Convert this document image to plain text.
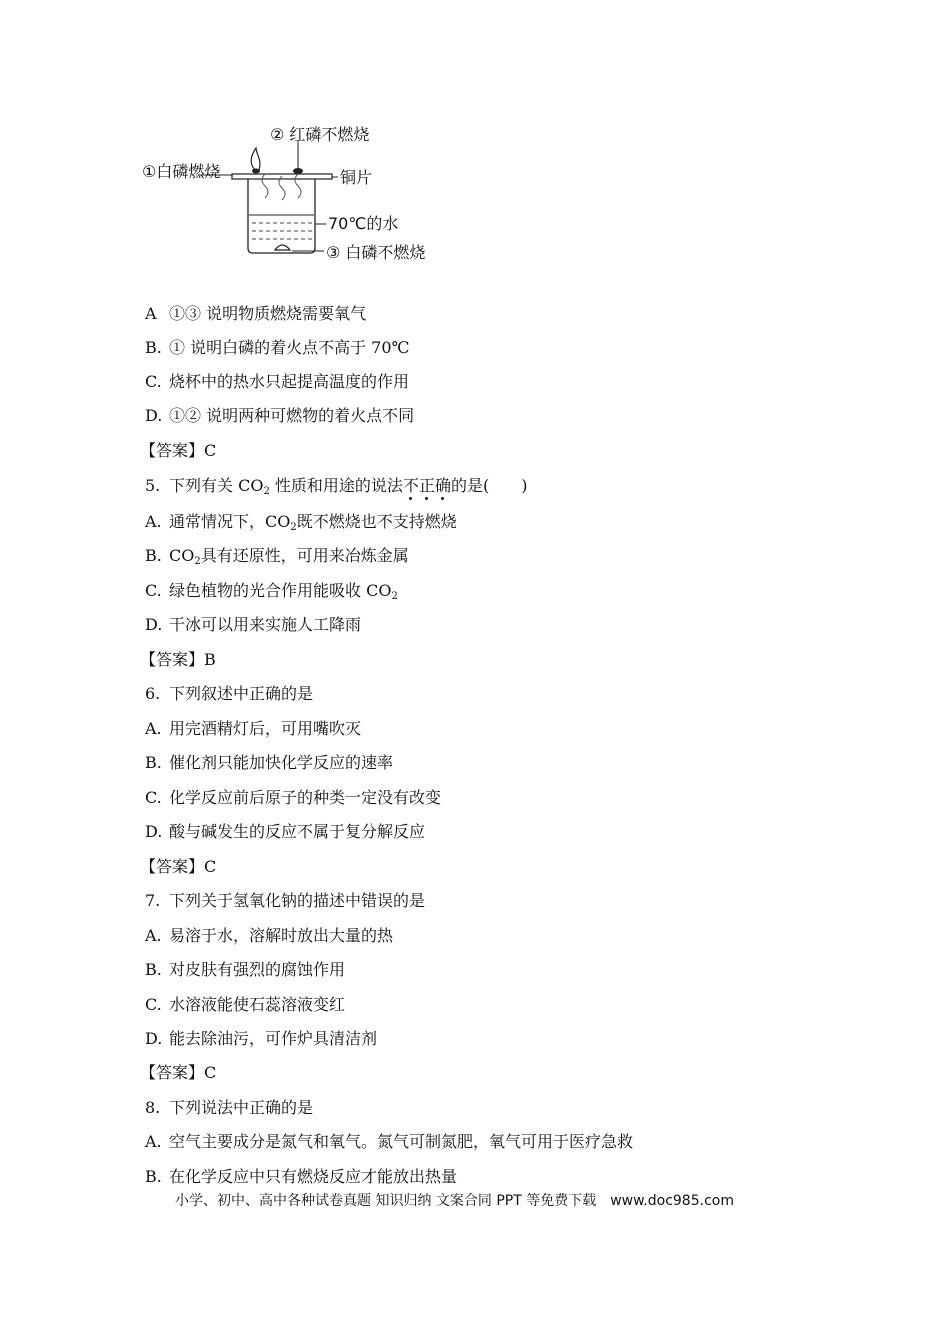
② 红磷不燃烧
①白磷燃烧	铜片
70℃的水
③ 白磷不燃烧
A ①③ 说明物质燃烧需要氧气
B. ① 说明白磷的着火点不高于 70℃
C. 烧杯中的热水只起提高温度的作用
D. ①② 说明两种可燃物的着火点不同
【答案】C
5. 下列有关 $CO_2$ 性质和用途的说法不正确的是(　　)
A. 通常情况下，$CO_2$既不燃烧也不支持燃烧
B. $CO_2$具有还原性，可用来冶炼金属
C. 绿色植物的光合作用能吸收 $CO_2$
D. 干冰可以用来实施人工降雨
【答案】B
6. 下列叙述中正确的是
A. 用完酒精灯后，可用嘴吹灭
B. 催化剂只能加快化学反应的速率
C. 化学反应前后原子的种类一定没有改变
D. 酸与碱发生的反应不属于复分解反应
【答案】C
7. 下列关于氢氧化钠的描述中错误的是
A. 易溶于水，溶解时放出大量的热
B. 对皮肤有强烈的腐蚀作用
C. 水溶液能使石蕊溶液变红
D. 能去除油污，可作炉具清洁剂
【答案】C
8. 下列说法中正确的是
A. 空气主要成分是氮气和氧气。氮气可制氮肥，氧气可用于医疗急救
B. 在化学反应中只有燃烧反应才能放出热量
小学、初中、高中各种试卷真题 知识归纳 文案合同 PPT 等免费下载　www.doc985.com
